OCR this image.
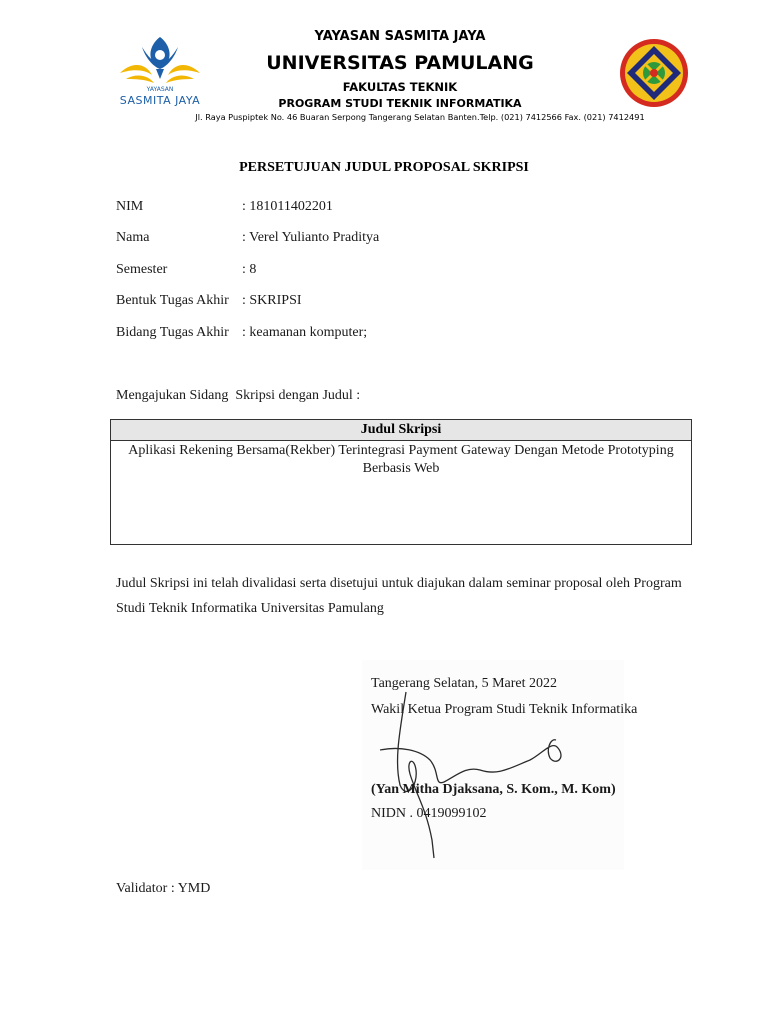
YAYASAN
SASMITA JAYA
YAYASAN SASMITA JAYA
UNIVERSITAS PAMULANG
FAKULTAS TEKNIK
PROGRAM STUDI TEKNIK INFORMATIKA
Jl. Raya Puspiptek No. 46 Buaran Serpong Tangerang Selatan Banten.Telp. (021) 7412566 Fax. (021) 7412491
PERSETUJUAN JUDUL PROPOSAL SKRIPSI
NIM	: 181011402201
Nama	: Verel Yulianto Praditya
Semester	: 8
Bentuk Tugas Akhir : SKRIPSI
Bidang Tugas Akhir : keamanan komputer;
Mengajukan Sidang  Skripsi dengan Judul :
Judul Skripsi
Aplikasi Rekening Bersama(Rekber) Terintegrasi Payment Gateway Dengan Metode Prototyping
Berbasis Web
Judul Skripsi ini telah divalidasi serta disetujui untuk diajukan dalam seminar proposal oleh Program
Studi Teknik Informatika Universitas Pamulang
Tangerang Selatan, 5 Maret 2022
Wakil Ketua Program Studi Teknik Informatika
(Yan Mitha Djaksana, S. Kom., M. Kom)
NIDN . 0419099102
Validator : YMD
